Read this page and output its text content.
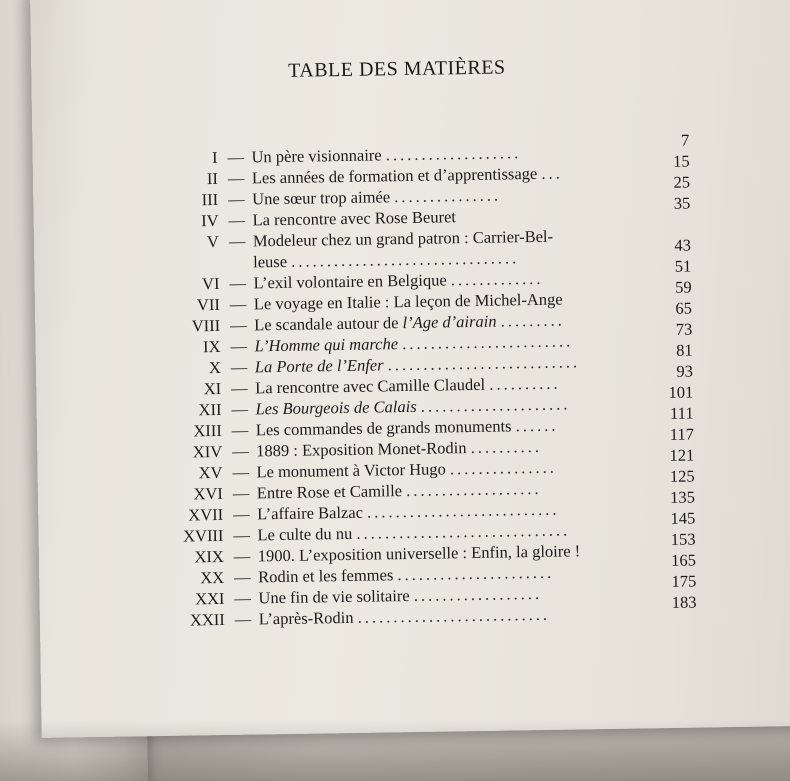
TABLE DES MATIÈRES
I — Un père visionnaire ...................
7
II — Les années de formation et d’apprentissage ...
15
III — Une sœur trop aimée ...............
25
IV — La rencontre avec Rose Beuret
35
V — Modeleur chez un grand patron : Carrier-Bel-
leuse ................................
43
VI — L’exil volontaire en Belgique .............
51
VII — Le voyage en Italie : La leçon de Michel-Ange
59
VIII — Le scandale autour de l’Age d’airain .........
65
IX — L’Homme qui marche ........................
73
X — La Porte de l’Enfer ...........................
81
XI — La rencontre avec Camille Claudel ..........
93
XII — Les Bourgeois de Calais .....................
101
XIII — Les commandes de grands monuments ......
111
XIV — 1889 : Exposition Monet-Rodin ..........
117
XV — Le monument à Victor Hugo ...............
121
XVI — Entre Rose et Camille ...................
125
XVII — L’affaire Balzac ...........................
135
XVIII — Le culte du nu ..............................
145
XIX — 1900. L’exposition universelle : Enfin, la gloire !
153
XX — Rodin et les femmes ......................
165
XXI — Une fin de vie solitaire ..................
175
XXII — L’après-Rodin ...........................
183
